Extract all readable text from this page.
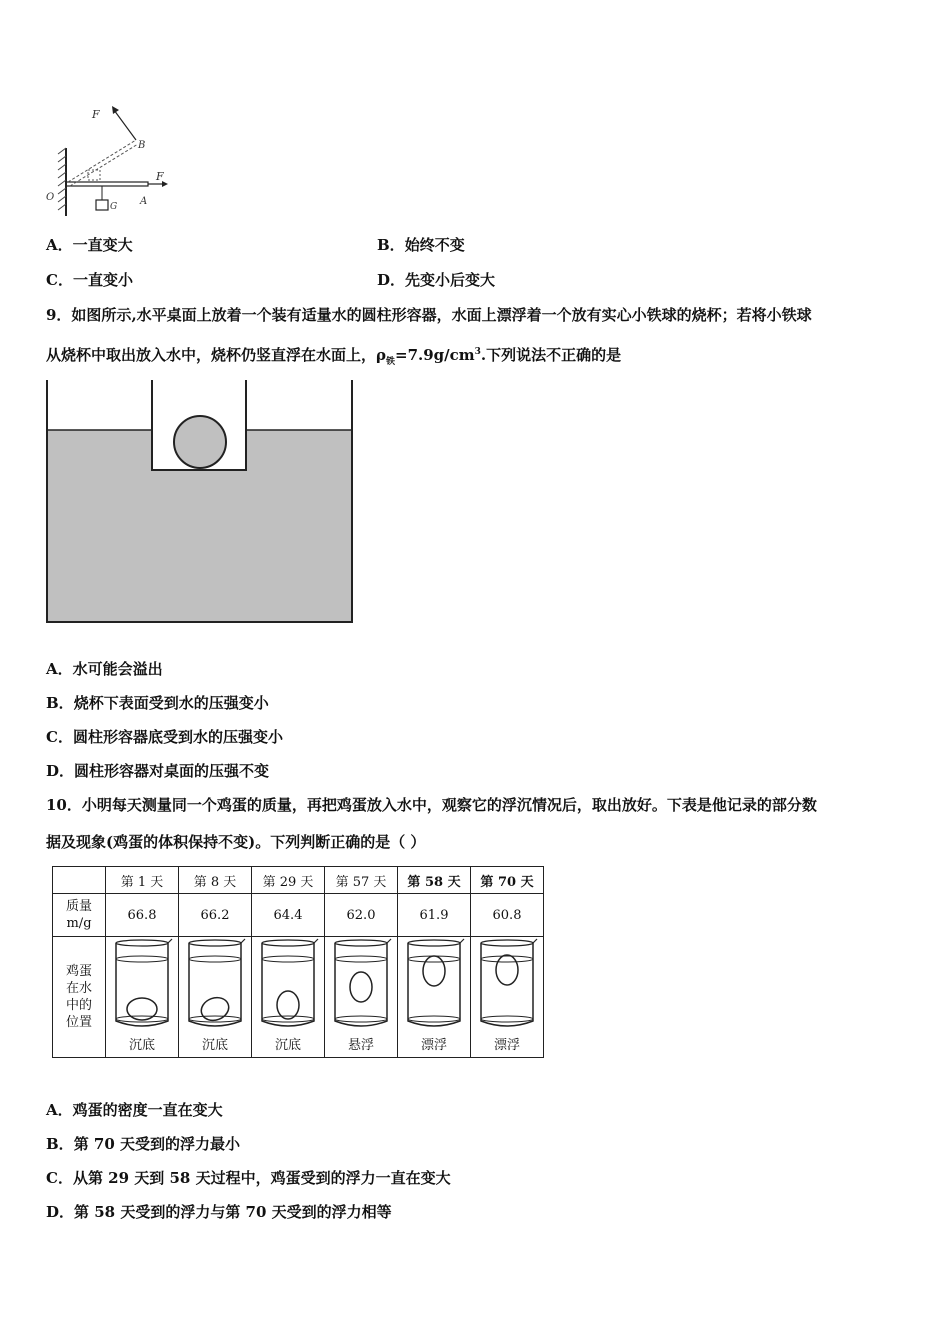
F
B
F
O
G A
A．一直变大	B．始终不变
C．一直变小	D．先变小后变大
9．如图所示,水平桌面上放着一个装有适量水的圆柱形容器，水面上漂浮着一个放有实心小铁球的烧杯；若将小铁球
从烧杯中取出放入水中，烧杯仍竖直浮在水面上，$\rho_铁=7.9g/cm^3$.下列说法不正确的是
A．水可能会溢出
B．烧杯下表面受到水的压强变小
C．圆柱形容器底受到水的压强变小
D．圆柱形容器对桌面的压强不变
10．小明每天测量同一个鸡蛋的质量，再把鸡蛋放入水中，观察它的浮沉情况后，取出放好。下表是他记录的部分数
据及现象(鸡蛋的体积保持不变)。下列判断正确的是（ ）
	第 1 天	第 8 天	第 29 天	第 57 天	第 58 天	第 70 天

质量
m/g	66.8	66.2	64.4	62.0	61.9	60.8

鸡蛋
在水
中的
位置	沉底	沉底	沉底	悬浮	漂浮	漂浮
A．鸡蛋的密度一直在变大
B．第 70 天受到的浮力最小
C．从第 29 天到 58 天过程中，鸡蛋受到的浮力一直在变大
D．第 58 天受到的浮力与第 70 天受到的浮力相等
